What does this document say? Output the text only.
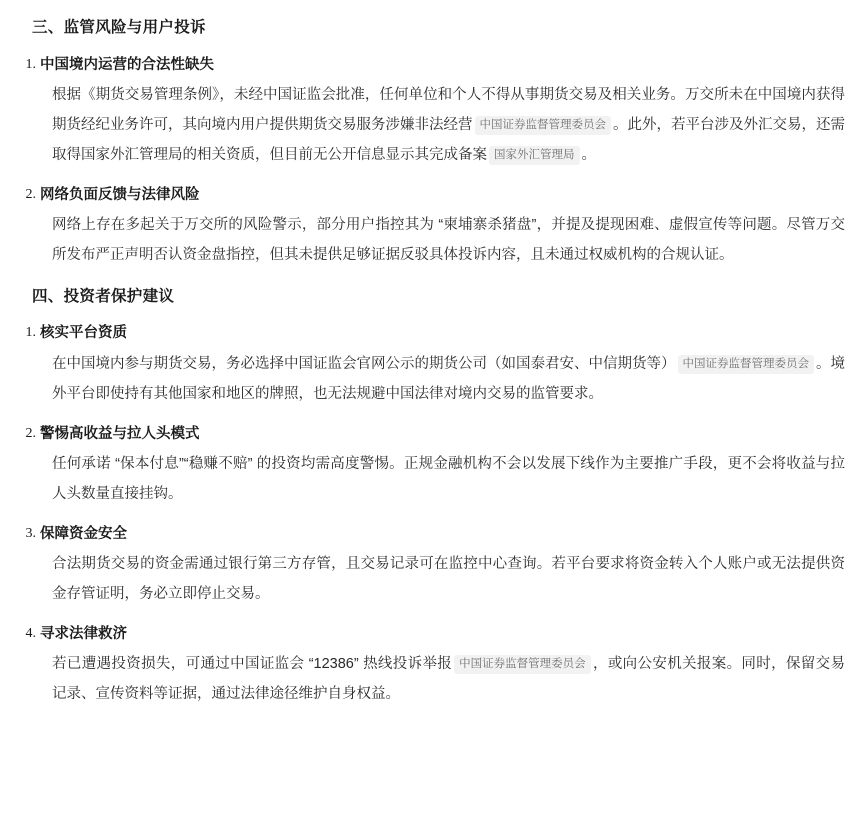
三、监管风险与用户投诉
1. 中国境内运营的合法性缺失

根据《期货交易管理条例》，未经中国证监会批准，任何单位和个人不得从事期货交易及相关业务。万交所未在中国境内获得期货经纪业务许可，其向境内用户提供期货交易服务涉嫌非法经营 中国证券监督管理委员会 。此外，若平台涉及外汇交易，还需取得国家外汇管理局的相关资质，但目前无公开信息显示其完成备案 国家外汇管理局 。

2. 网络负面反馈与法律风险

网络上存在多起关于万交所的风险警示，部分用户指控其为 “柬埔寨杀猪盘”，并提及提现困难、虚假宣传等问题。尽管万交所发布严正声明否认资金盘指控，但其未提供足够证据反驳具体投诉内容，且未通过权威机构的合规认证。

四、投资者保护建议
1. 核实平台资质

在中国境内参与期货交易，务必选择中国证监会官网公示的期货公司（如国泰君安、中信期货等） 中国证券监督管理委员会 。境外平台即使持有其他国家和地区的牌照，也无法规避中国法律对境内交易的监管要求。

2. 警惕高收益与拉人头模式

任何承诺 “保本付息”“稳赚不赔” 的投资均需高度警惕。正规金融机构不会以发展下线作为主要推广手段，更不会将收益与拉人头数量直接挂钩。

3. 保障资金安全

合法期货交易的资金需通过银行第三方存管，且交易记录可在监控中心查询。若平台要求将资金转入个人账户或无法提供资金存管证明，务必立即停止交易。

4. 寻求法律救济

若已遭遇投资损失，可通过中国证监会 “12386” 热线投诉举报 中国证券监督管理委员会 ，或向公安机关报案。同时，保留交易记录、宣传资料等证据，通过法律途径维护自身权益。
